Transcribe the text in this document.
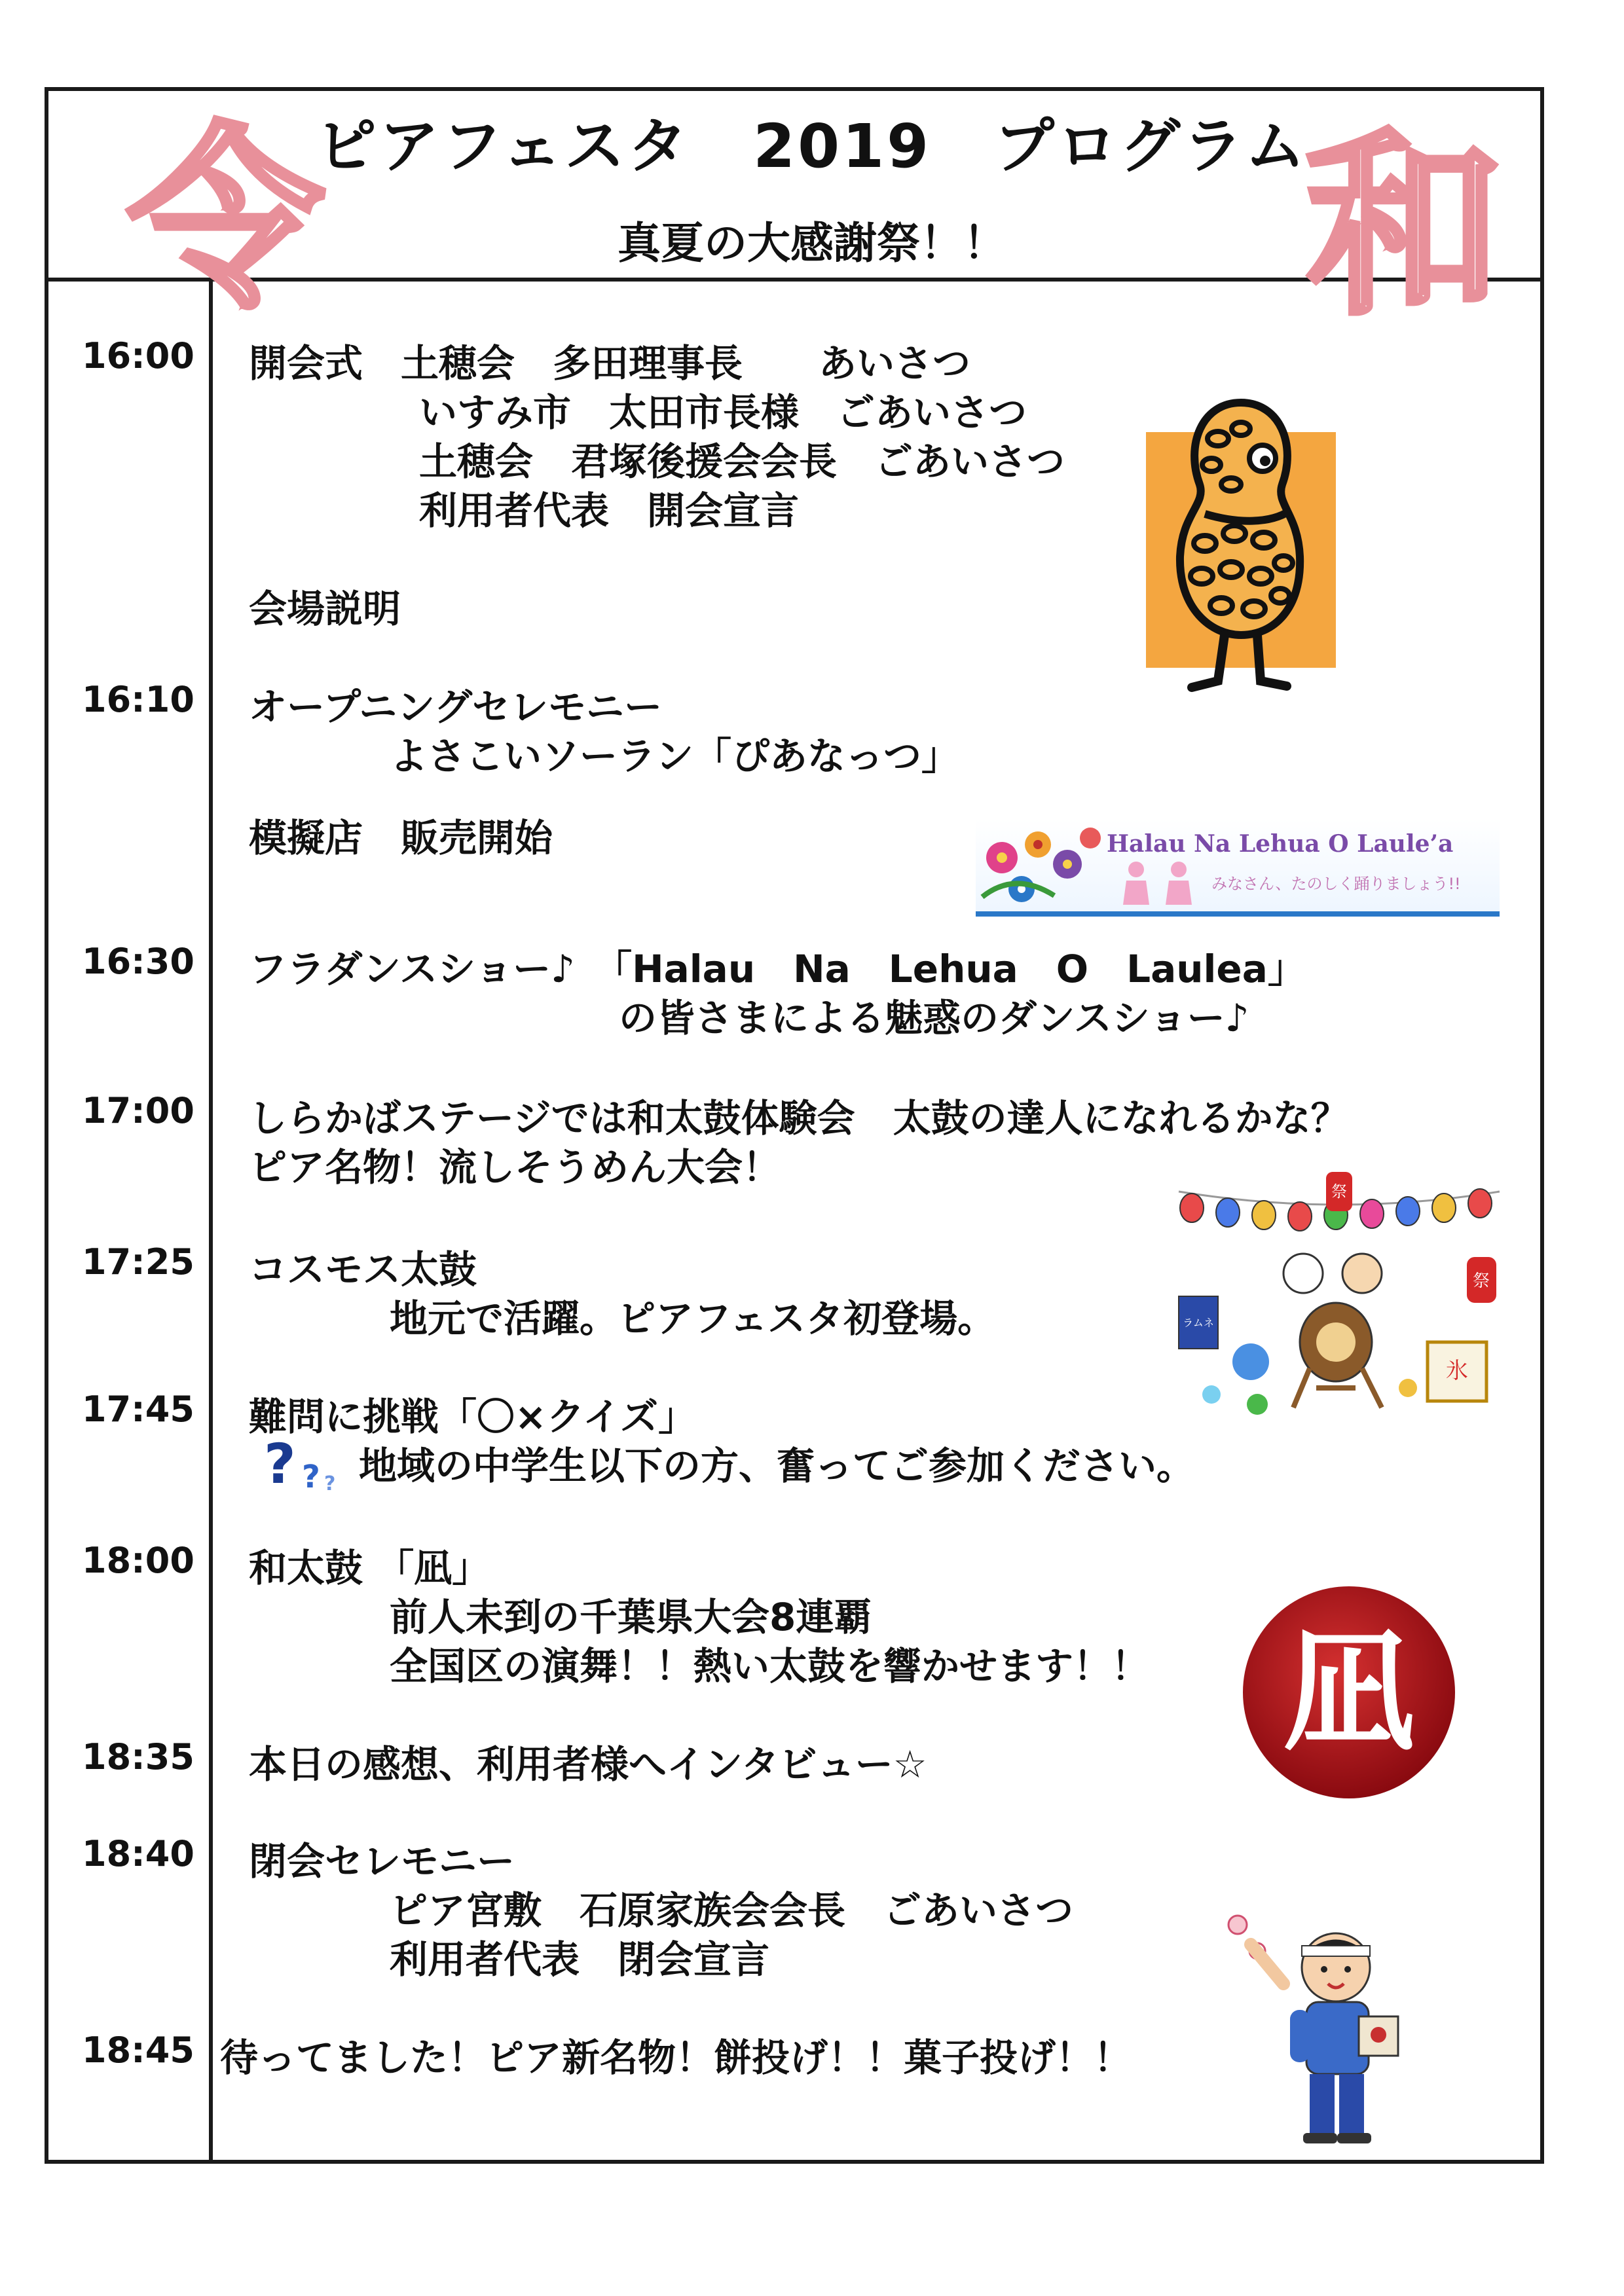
令	和
ピアフェスタ　2019　プログラム
真夏の大感謝祭！！
16:00 開会式　土穂会　多田理事長　　あいさつ
いすみ市　太田市長様　ごあいさつ
土穂会　君塚後援会会長　ごあいさつ
利用者代表　開会宣言
会場説明
16:10 オープニングセレモニー
よさこいソーラン「ぴあなっつ」
模擬店　販売開始
16:30 フラダンスショー♪　「Halau　Na　Lehua　O　Laulea」
の皆さまによる魅惑のダンスショー♪
17:00 しらかばステージでは和太鼓体験会　太鼓の達人になれるかな？
ピア名物！流しそうめん大会！
17:25 コスモス太鼓
地元で活躍。ピアフェスタ初登場。
17:45 難問に挑戦「〇×クイズ」
地域の中学生以下の方、奮ってご参加ください。
? ? ?
18:00 和太鼓 「凪」
前人未到の千葉県大会8連覇
全国区の演舞！！熱い太鼓を響かせます！！
18:35 本日の感想、利用者様へインタビュー☆
18:40 閉会セレモニー
ピア宮敷　石原家族会会長　ごあいさつ
利用者代表　閉会宣言
18:45 待ってました！ピア新名物！餅投げ！！菓子投げ！！
Halau Na Lehua O Laule’a
みなさん、たのしく踊りましょう!!
祭
祭
ラムネ
氷
凪
